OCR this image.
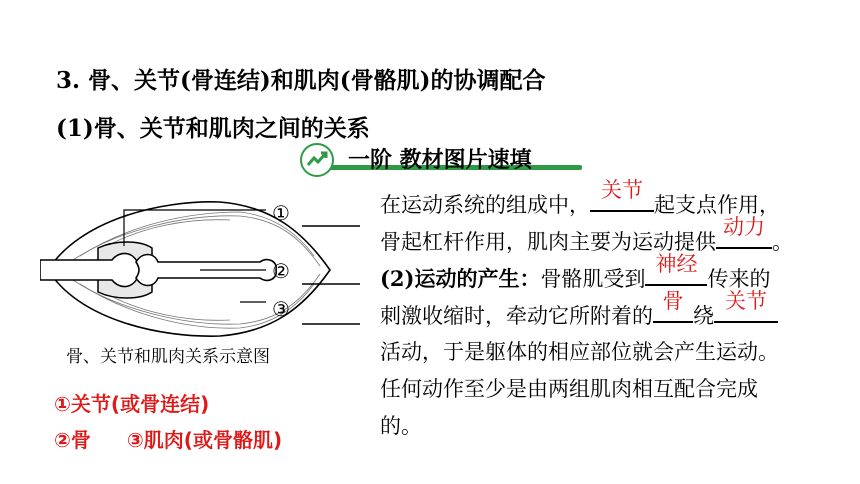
3. 骨、关节(骨连结)和肌肉(骨骼肌)的协调配合
(1)骨、关节和肌肉之间的关系
一阶 教材图片速填
①
②
③
骨、关节和肌肉关系示意图
①关节(或骨连结)
②骨 ③肌肉(或骨骼肌)
在运动系统的组成中，
关节
起支点作用，
骨起杠杆作用，肌肉主要为运动提供
动力
。
(2)运动的产生：骨骼肌受到
神经
传来的
刺激收缩时，牵动它所附着的
骨
绕
关节
活动，于是躯体的相应部位就会产生运动。
任何动作至少是由两组肌肉相互配合完成
的。
